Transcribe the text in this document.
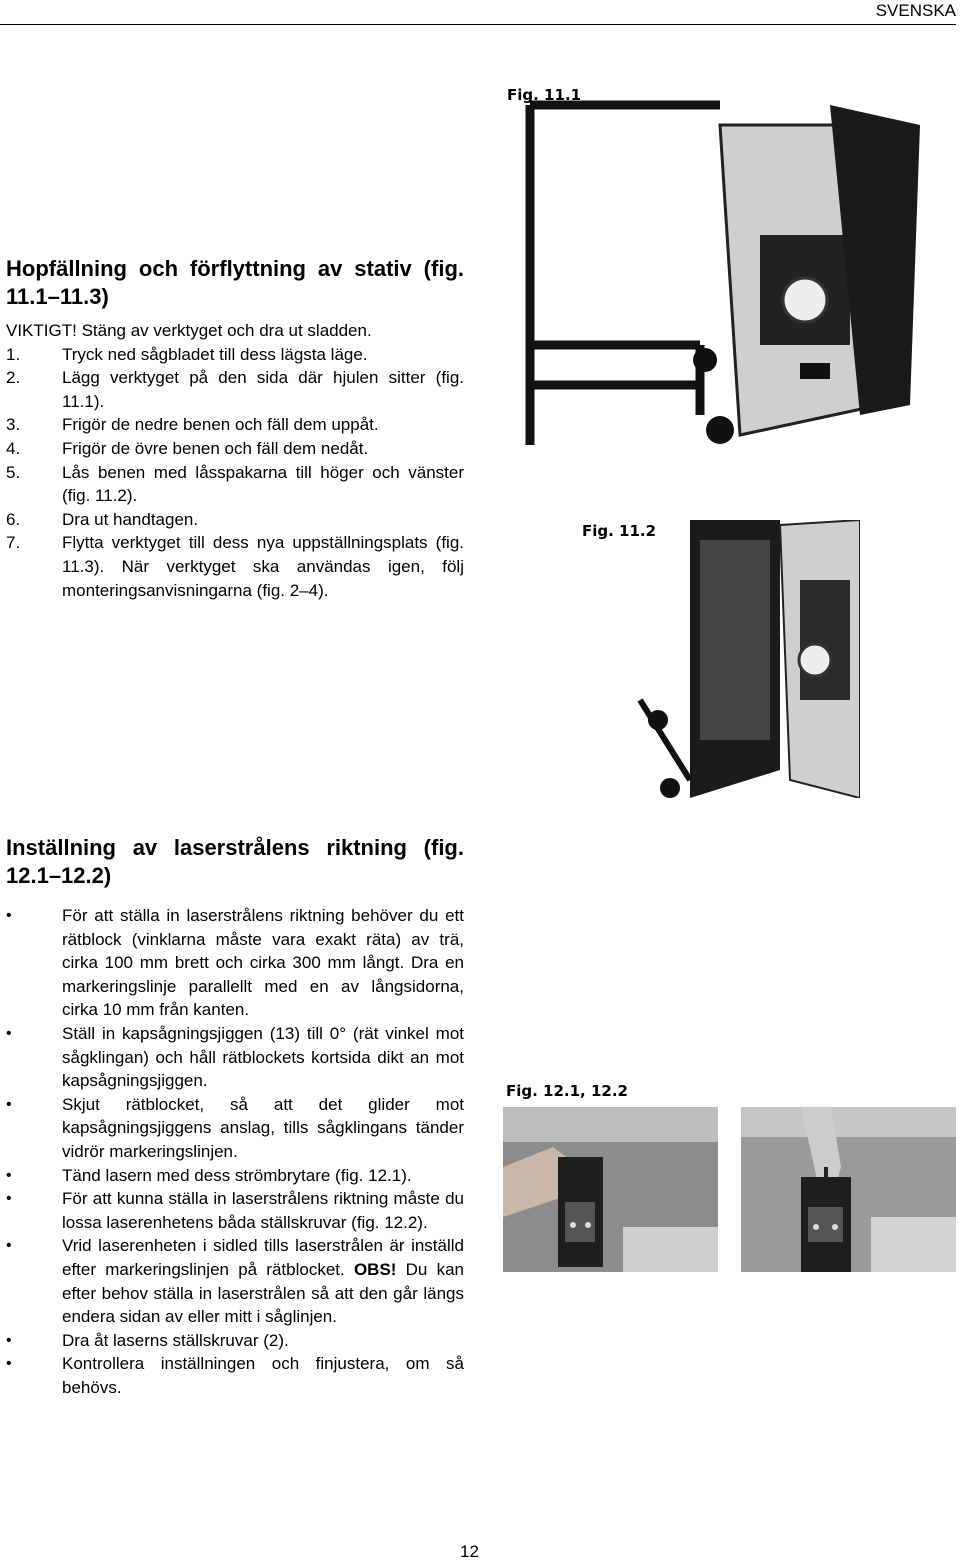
SVENSKA
Hopfällning och förflyttning av stativ (fig. 11.1–11.3)

VIKTIGT! Stäng av verktyget och dra ut sladden.

1.	Tryck ned sågbladet till dess lägsta läge.
2.	Lägg verktyget på den sida där hjulen sitter (fig. 11.1).
3.	Frigör de nedre benen och fäll dem uppåt.
4.	Frigör de övre benen och fäll dem nedåt.
5.	Lås benen med låsspakarna till höger och vänster (fig. 11.2).
6.	Dra ut handtagen.
7.	Flytta verktyget till dess nya uppställningsplats (fig. 11.3). När verktyget ska användas igen, följ monteringsanvisningarna (fig. 2–4).
Inställning av laserstrålens riktning (fig. 12.1–12.2)
•	För att ställa in laserstrålens riktning behöver du ett rätblock (vinklarna måste vara exakt räta) av trä, cirka 100 mm brett och cirka 300 mm långt. Dra en markeringslinje parallellt med en av långsidorna, cirka 10 mm från kanten.
•	Ställ in kapsågningsjiggen (13) till 0° (rät vinkel mot sågklingan) och håll rätblockets kortsida dikt an mot kapsågningsjiggen.
•	Skjut rätblocket, så att det glider mot kapsågningsjiggens anslag, tills sågklingans tänder vidrör markeringslinjen.
•	Tänd lasern med dess strömbrytare (fig. 12.1).
•	För att kunna ställa in laserstrålens riktning måste du lossa laserenhetens båda ställskruvar (fig. 12.2).
•	Vrid laserenheten i sidled tills laserstrålen är inställd efter markeringslinjen på rätblocket. OBS! Du kan efter behov ställa in laserstrålen så att den går längs endera sidan av eller mitt i såglinjen.
•	Dra åt laserns ställskruvar (2).
•	Kontrollera inställningen och finjustera, om så behövs.
Fig. 11.1
Fig. 11.2
Fig. 12.1, 12.2
12
